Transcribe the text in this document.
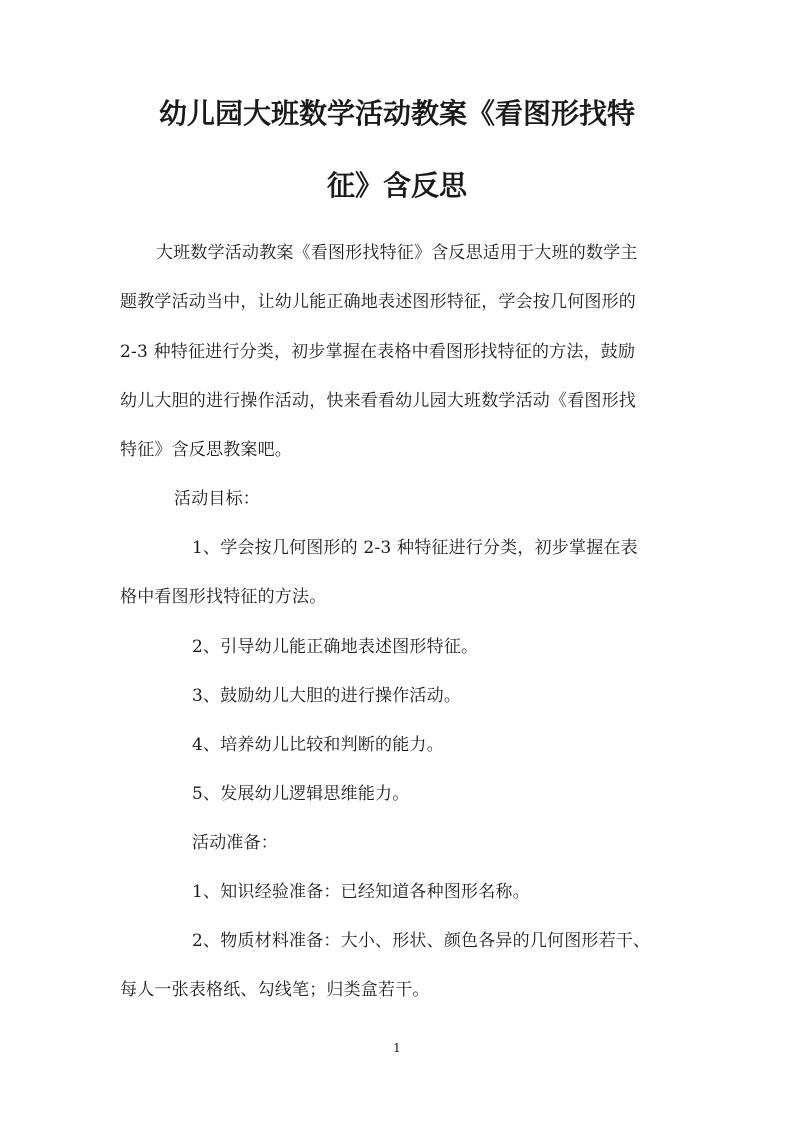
幼儿园大班数学活动教案《看图形找特
征》含反思
大班数学活动教案《看图形找特征》含反思适用于大班的数学主
题教学活动当中，让幼儿能正确地表述图形特征，学会按几何图形的
2-3 种特征进行分类，初步掌握在表格中看图形找特征的方法，鼓励
幼儿大胆的进行操作活动，快来看看幼儿园大班数学活动《看图形找
特征》含反思教案吧。
活动目标：
1、学会按几何图形的 2-3 种特征进行分类，初步掌握在表
格中看图形找特征的方法。
2、引导幼儿能正确地表述图形特征。
3、鼓励幼儿大胆的进行操作活动。
4、培养幼儿比较和判断的能力。
5、发展幼儿逻辑思维能力。
活动准备：
1、知识经验准备：已经知道各种图形名称。
2、物质材料准备：大小、形状、颜色各异的几何图形若干、
每人一张表格纸、勾线笔；归类盒若干。
1
